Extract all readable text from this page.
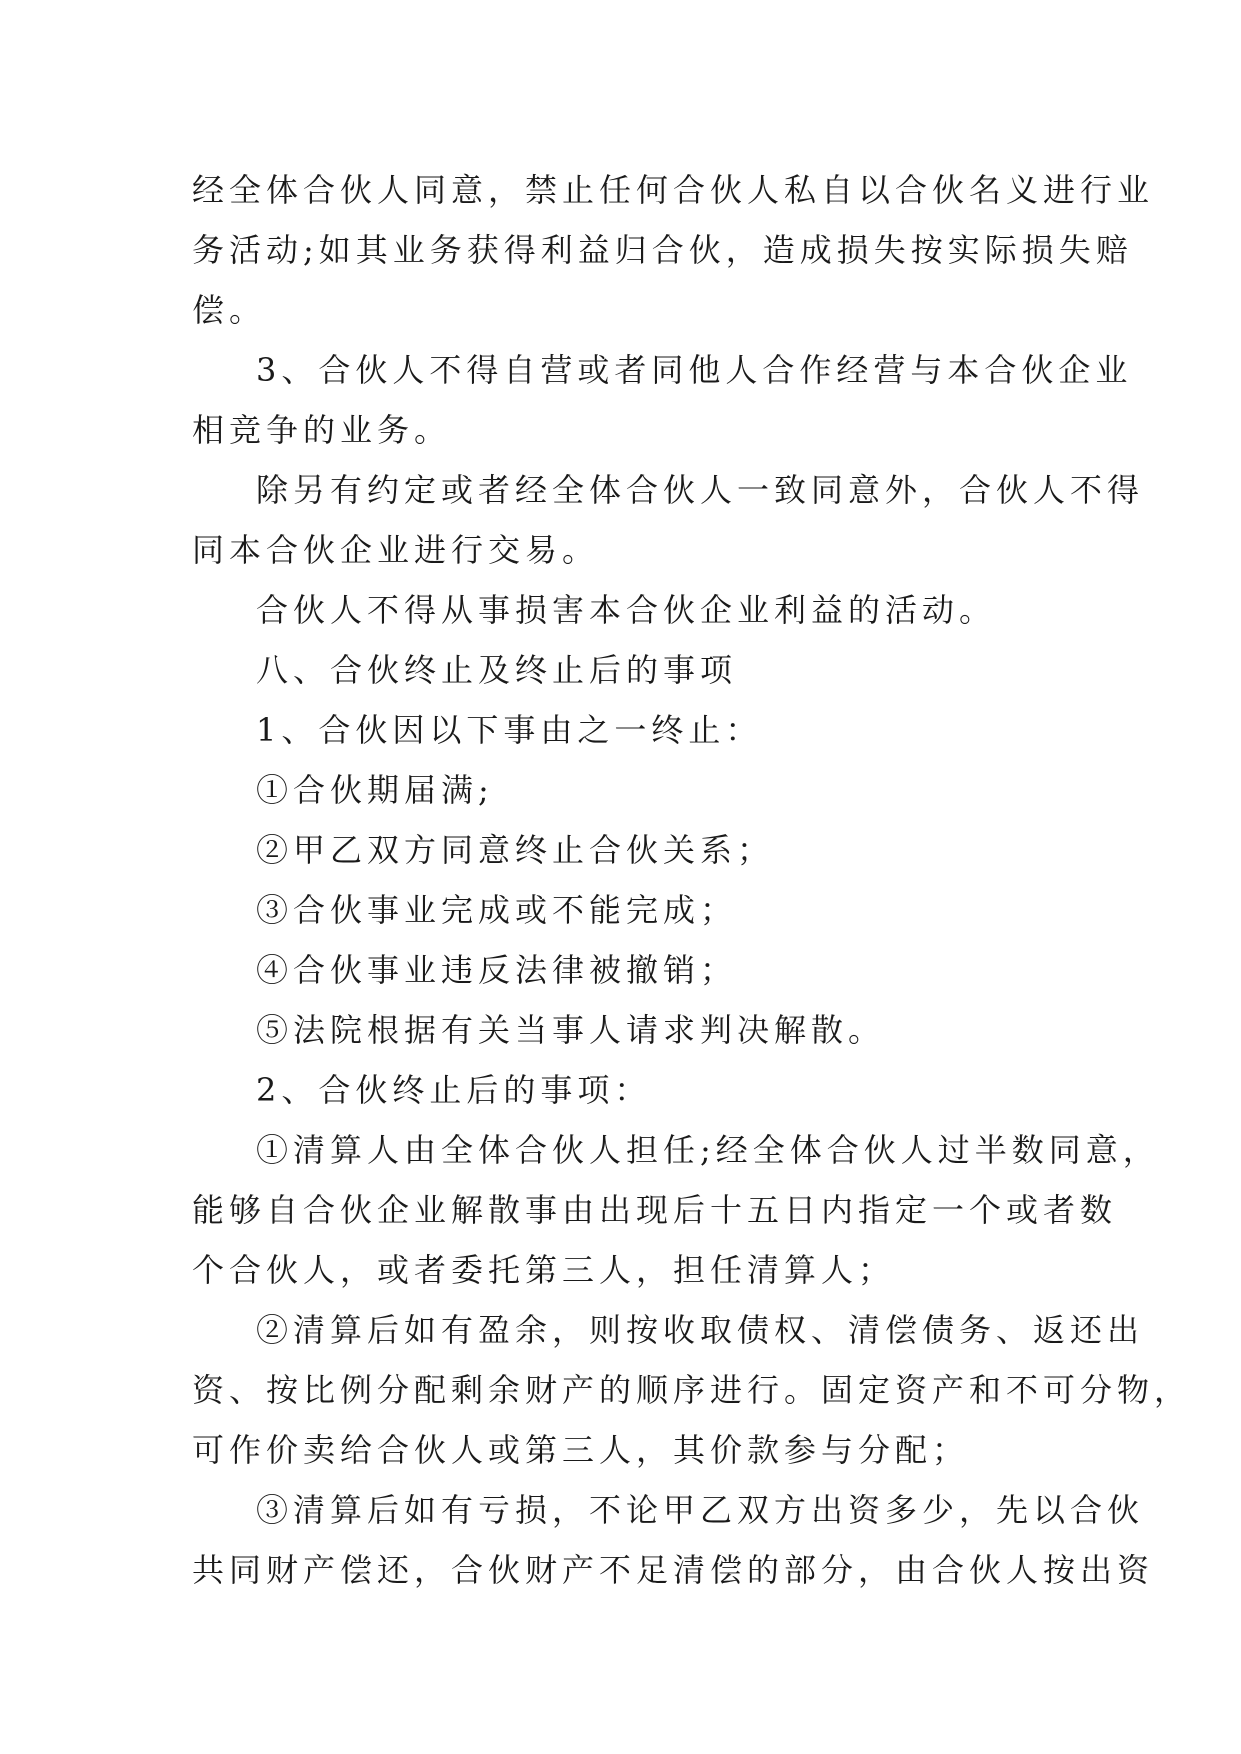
经全体合伙人同意，禁止任何合伙人私自以合伙名义进行业
务活动;如其业务获得利益归合伙，造成损失按实际损失赔
偿。
3、合伙人不得自营或者同他人合作经营与本合伙企业
相竞争的业务。
除另有约定或者经全体合伙人一致同意外，合伙人不得
同本合伙企业进行交易。
合伙人不得从事损害本合伙企业利益的活动。
八、合伙终止及终止后的事项
1、合伙因以下事由之一终止：
①合伙期届满;
②甲乙双方同意终止合伙关系；
③合伙事业完成或不能完成；
④合伙事业违反法律被撤销；
⑤法院根据有关当事人请求判决解散。
2、合伙终止后的事项：
①清算人由全体合伙人担任;经全体合伙人过半数同意，
能够自合伙企业解散事由出现后十五日内指定一个或者数
个合伙人，或者委托第三人，担任清算人；
②清算后如有盈余，则按收取债权、清偿债务、返还出
资、按比例分配剩余财产的顺序进行。固定资产和不可分物，
可作价卖给合伙人或第三人，其价款参与分配；
③清算后如有亏损，不论甲乙双方出资多少，先以合伙
共同财产偿还，合伙财产不足清偿的部分，由合伙人按出资
